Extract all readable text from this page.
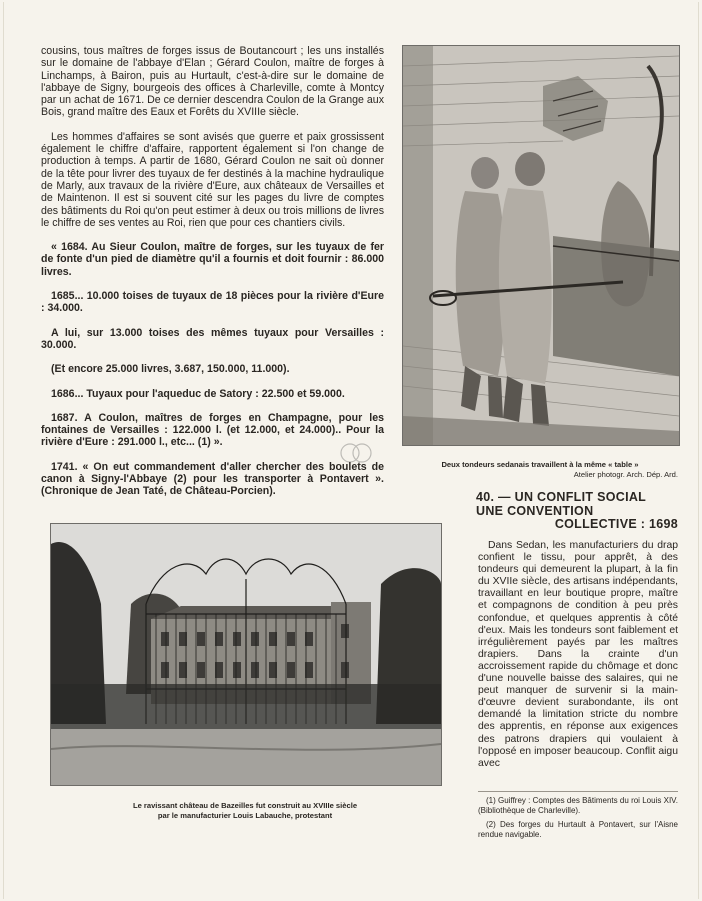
cousins, tous maîtres de forges issus de Boutancourt ; les uns installés sur le domaine de l'abbaye d'Elan ; Gérard Coulon, maître de forges à Linchamps, à Bairon, puis au Hurtault, c'est-à-dire sur le domaine de l'abbaye de Signy, bourgeois des offices à Charleville, comte à Montcy par un achat de 1671. De ce dernier descendra Coulon de la Grange aux Bois, grand maître des Eaux et Forêts du XVIIIe siècle.

Les hommes d'affaires se sont avisés que guerre et paix grossissent également le chiffre d'affaire, rapportent également si l'on change de production à temps. A partir de 1680, Gérard Coulon ne sait où donner de la tête pour livrer des tuyaux de fer destinés à la machine hydraulique de Marly, aux travaux de la rivière d'Eure, aux châteaux de Versailles et de Maintenon. Il est si souvent cité sur les pages du livre de comptes des bâtiments du Roi qu'on peut estimer à deux ou trois millions de livres le chiffre de ses ventes au Roi, rien que pour ces chantiers civils.

« 1684. Au Sieur Coulon, maître de forges, sur les tuyaux de fer de fonte d'un pied de diamètre qu'il a fournis et doit fournir : 86.000 livres.

1685... 10.000 toises de tuyaux de 18 pièces pour la rivière d'Eure : 34.000.

A lui, sur 13.000 toises des mêmes tuyaux pour Versailles : 30.000.

(Et encore 25.000 livres, 3.687, 150.000, 11.000).

1686... Tuyaux pour l'aqueduc de Satory : 22.500 et 59.000.

1687. A Coulon, maîtres de forges en Champagne, pour les fontaines de Versailles : 122.000 l. (et 12.000, et 24.000).. Pour la rivière d'Eure : 291.000 l., etc... (1) ».

1741. « On eut commandement d'aller chercher des boulets de canon à Signy-l'Abbaye (2) pour les transporter à Pontavert ». (Chronique de Jean Taté, de Château-Porcien).

Deux tondeurs sedanais travaillent à la même « table »
Atelier photogr. Arch. Dép. Ard.
40. — UN CONFLIT SOCIAL
UNE CONVENTION
COLLECTIVE : 1698

Dans Sedan, les manufacturiers du drap confient le tissu, pour apprêt, à des tondeurs qui demeurent la plupart, à la fin du XVIIe siècle, des artisans indépendants, travaillant en leur boutique propre, maître et compagnons de condition à peu près confondue, et quelques apprentis à côté d'eux. Mais les tondeurs sont faiblement et irrégulièrement payés par les maîtres drapiers. Dans la crainte d'un accroissement rapide du chômage et donc d'une nouvelle baisse des salaires, qui ne peut manquer de survenir si la main-d'œuvre devient surabondante, ils ont demandé la limitation stricte du nombre des apprentis, en réponse aux exigences des patrons drapiers qui voulaient à l'opposé en imposer beaucoup. Conflit aigu avec

Le ravissant château de Bazeilles fut construit au XVIIIe siècle
par le manufacturier Louis Labauche, protestant

(1) Guiffrey : Comptes des Bâtiments du roi Louis XIV. (Bibliothèque de Charleville).

(2) Des forges du Hurtault à Pontavert, sur l'Aisne rendue navigable.
